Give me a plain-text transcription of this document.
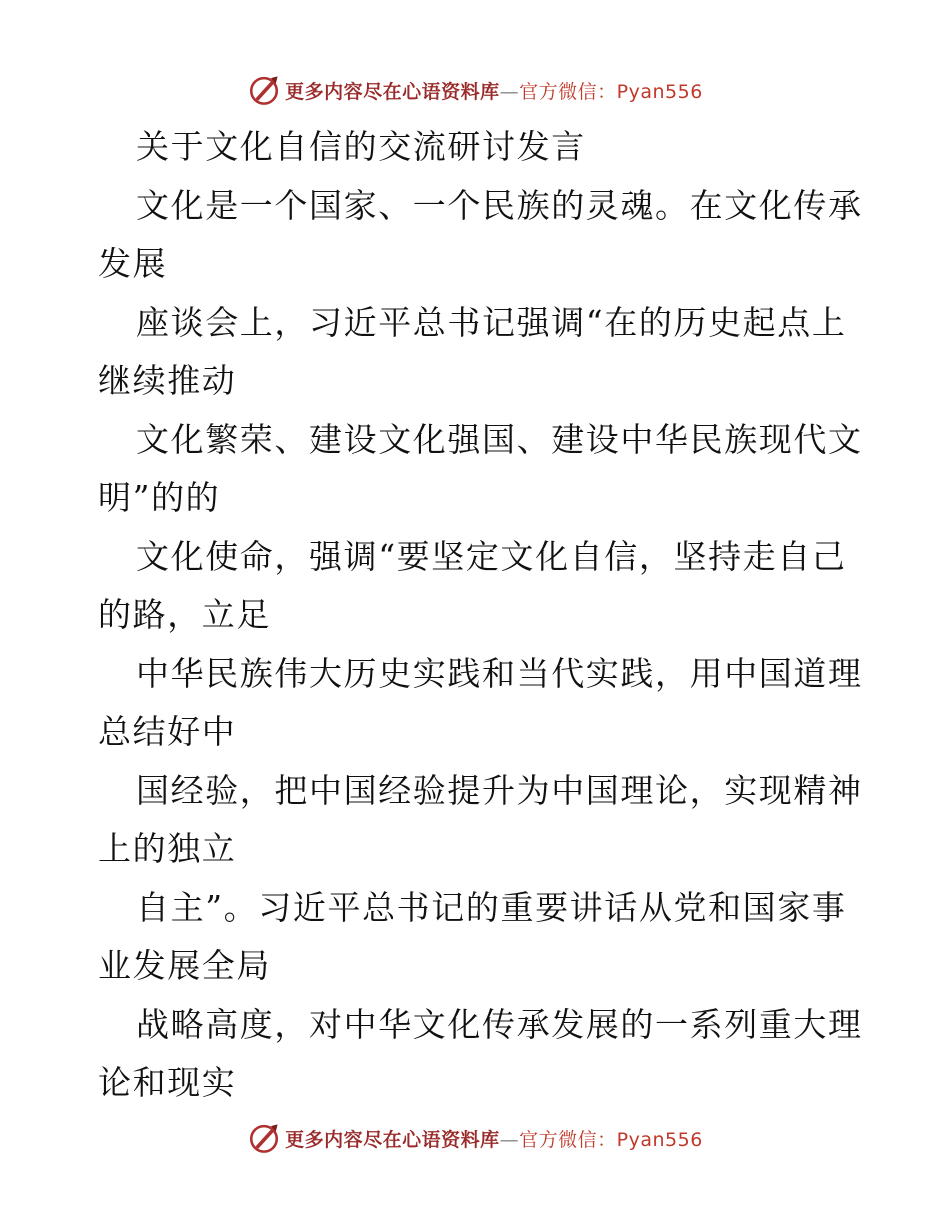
更多内容尽在心语资料库—官方微信：Pyan556
关于文化自信的交流研讨发言
文化是一个国家、一个民族的灵魂。在文化传承
发展
座谈会上，习近平总书记强调“在的历史起点上
继续推动
文化繁荣、建设文化强国、建设中华民族现代文
明”的的
文化使命，强调“要坚定文化自信，坚持走自己
的路，立足
中华民族伟大历史实践和当代实践，用中国道理
总结好中
国经验，把中国经验提升为中国理论，实现精神
上的独立
自主”。习近平总书记的重要讲话从党和国家事
业发展全局
战略高度，对中华文化传承发展的一系列重大理
论和现实
更多内容尽在心语资料库—官方微信：Pyan556
